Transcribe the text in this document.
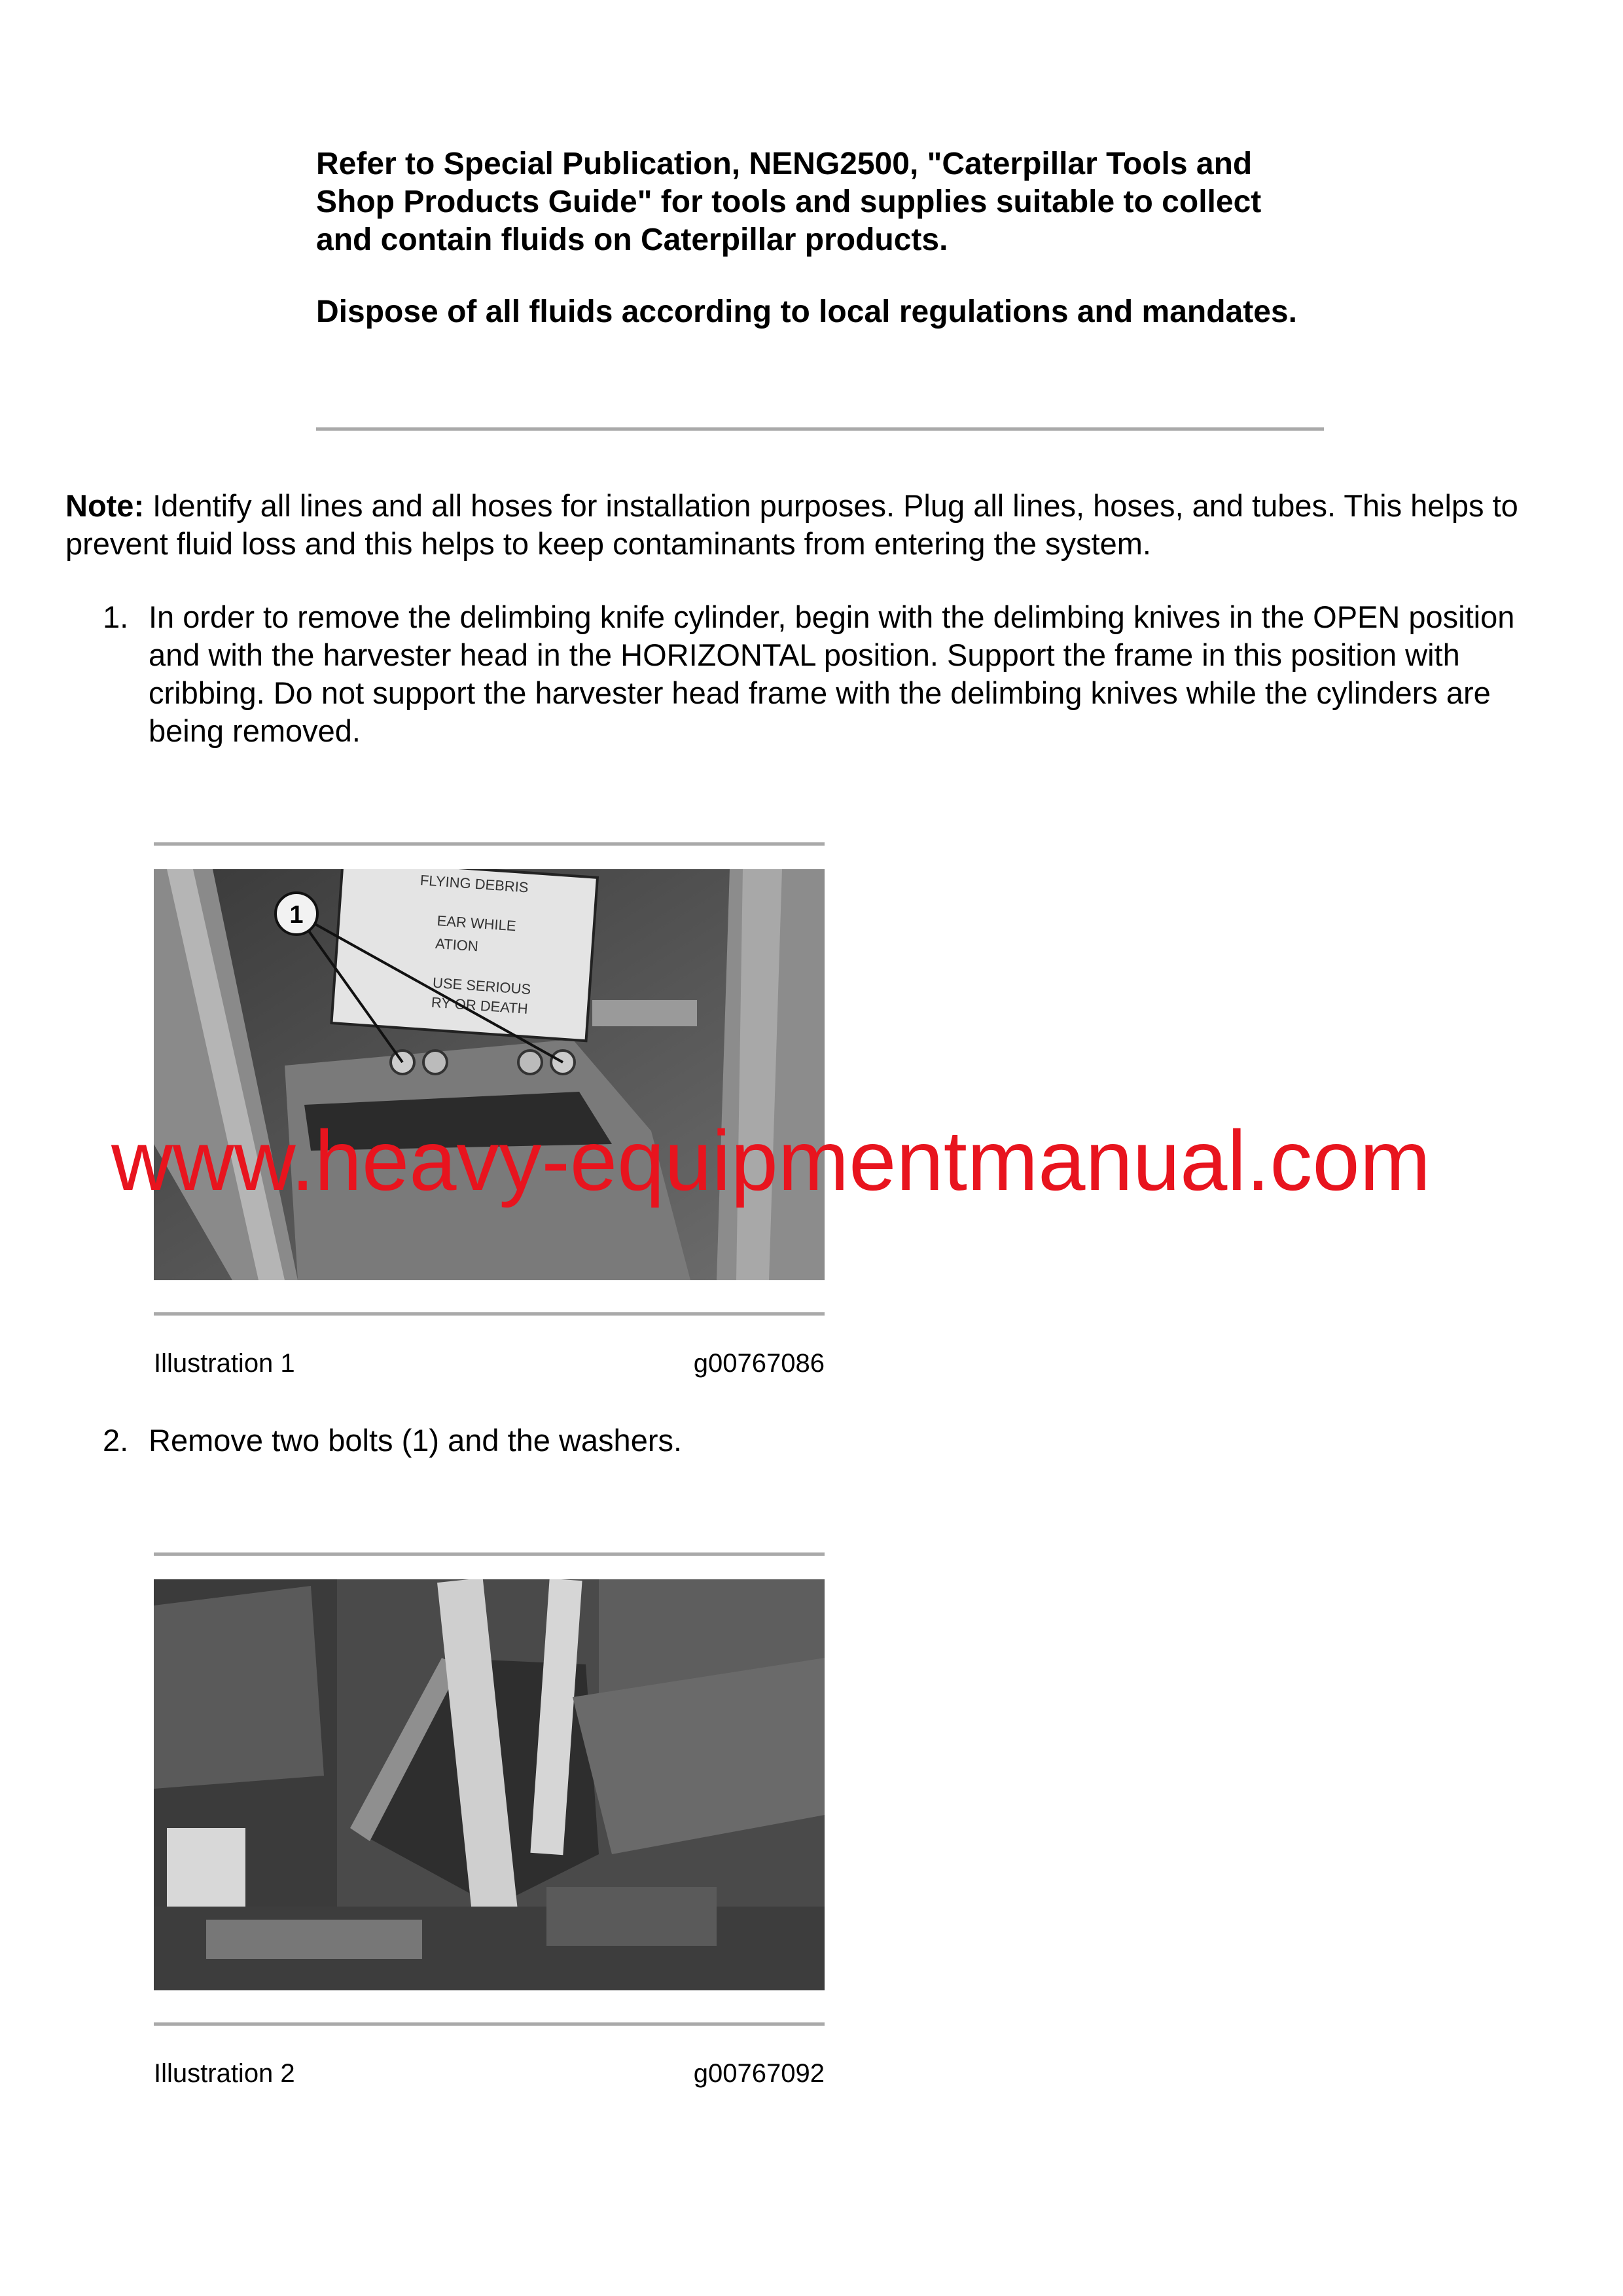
Refer to Special Publication, NENG2500, "Caterpillar Tools and Shop Products Guide" for tools and supplies suitable to collect and contain fluids on Caterpillar products.

Dispose of all fluids according to local regulations and mandates.

Note: Identify all lines and all hoses for installation purposes. Plug all lines, hoses, and tubes. This helps to prevent fluid loss and this helps to keep contaminants from entering the system.

1. In order to remove the delimbing knife cylinder, begin with the delimbing knives in the OPEN position and with the harvester head in the HORIZONTAL position. Support the frame in this position with cribbing. Do not support the harvester head frame with the delimbing knives while the cylinders are being removed.
FLYING DEBRIS
EAR WHILE
ATION
USE SERIOUS
RY OR DEATH
1
Illustration 1	g00767086
2. Remove two bolts (1) and the washers.
Illustration 2	g00767092
www.heavy-equipmentmanual.com
